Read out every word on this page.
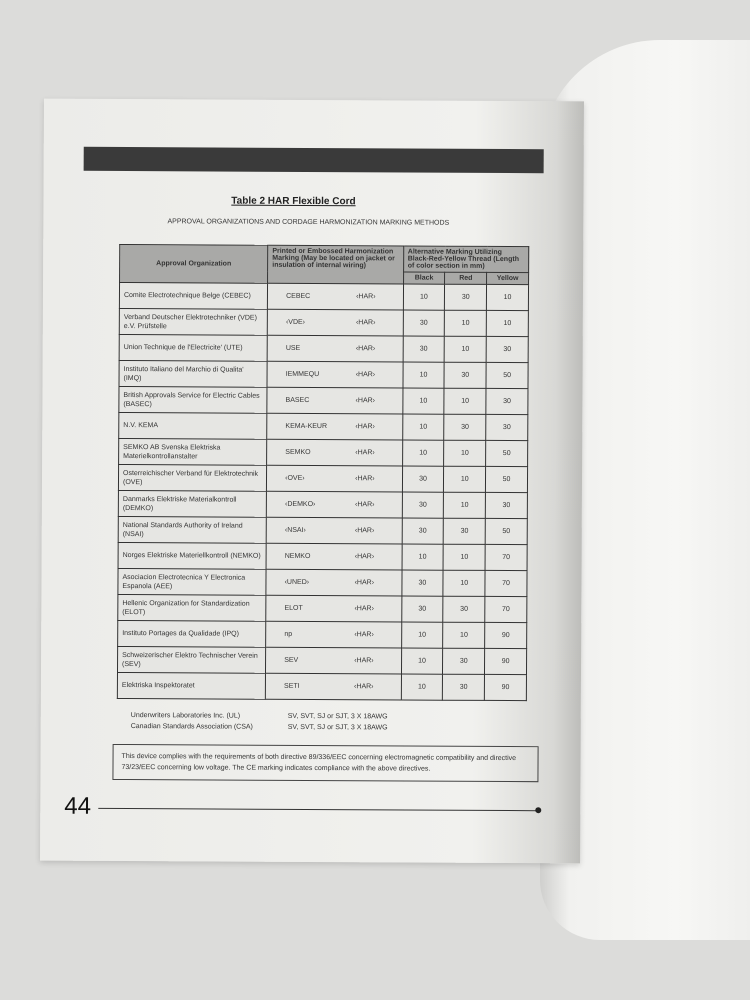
Table 2 HAR Flexible Cord
APPROVAL ORGANIZATIONS AND CORDAGE HARMONIZATION MARKING METHODS
Approval Organization	Printed or Embossed Harmonization Marking (May be located on jacket or insulation of internal wiring)	Alternative Marking Utilizing Black-Red-Yellow Thread (Length of color section in mm)		
		Black	Red	Yellow
Comite Electrotechnique Belge (CEBEC)	CEBEC ‹HAR›	10	30	10
Verband Deutscher Elektrotechniker (VDE) e.V. Prüfstelle	‹VDE› ‹HAR›	30	10	10
Union Technique de l'Electricite' (UTE)	USE ‹HAR›	30	10	30
Instituto Italiano del Marchio di Qualita' (IMQ)	IEMMEQU ‹HAR›	10	30	50
British Approvals Service for Electric Cables (BASEC)	BASEC ‹HAR›	10	10	30
N.V. KEMA	KEMA-KEUR ‹HAR›	10	30	30
SEMKO AB Svenska Elektriska Materielkontrollanstalter	SEMKO ‹HAR›	10	10	50
Osterreichischer Verband für Elektrotechnik (OVE)	‹OVE› ‹HAR›	30	10	50
Danmarks Elektriske Materialkontroll (DEMKO)	‹DEMKO› ‹HAR›	30	10	30
National Standards Authority of Ireland (NSAI)	‹NSAI› ‹HAR›	30	30	50
Norges Elektriske Materiellkontroll (NEMKO)	NEMKO ‹HAR›	10	10	70
Asociacion Electrotecnica Y Electronica Espanola (AEE)	‹UNED› ‹HAR›	30	10	70
Hellenic Organization for Standardization (ELOT)	ELOT ‹HAR›	30	30	70
Instituto Portages da Qualidade (IPQ)	np ‹HAR›	10	10	90
Schweizerischer Elektro Technischer Verein (SEV)	SEV ‹HAR›	10	30	90
Elektriska Inspektoratet	SETI ‹HAR›	10	30	90
Underwriters Laboratories Inc. (UL)	SV, SVT, SJ or SJT, 3 X 18AWG
Canadian Standards Association (CSA)	SV, SVT, SJ or SJT, 3 X 18AWG
This device complies with the requirements of both directive 89/336/EEC concerning electromagnetic compatibility and directive 73/23/EEC concerning low voltage. The CE marking indicates compliance with the above directives.
44
